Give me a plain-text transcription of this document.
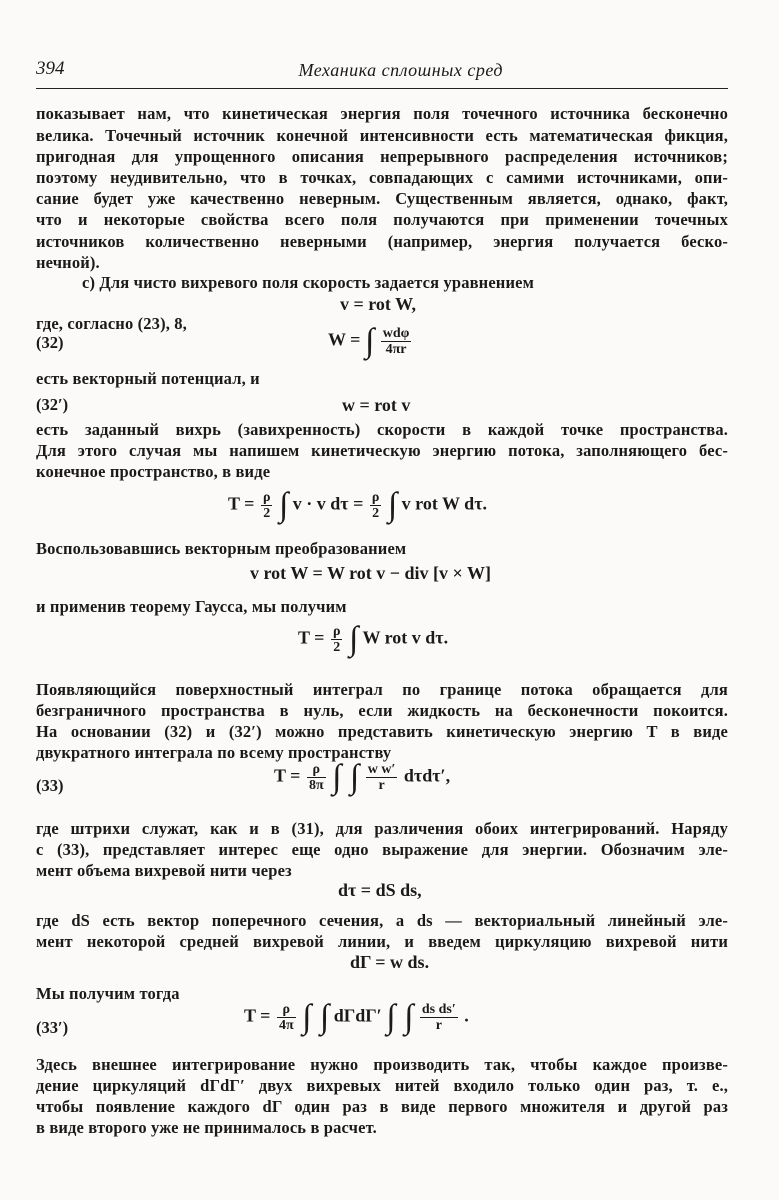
394	Механика сплошных сред
показывает нам, что кинетическая энергия поля точечного источника бесконечно
велика. Точечный источник конечной интенсивности есть математическая фикция,
пригодная для упрощенного описания непрерывного распределения источников;
поэтому неудивительно, что в точках, совпадающих с самими источниками, опи-
сание будет уже качественно неверным. Существенным является, однако, факт,
что и некоторые свойства всего поля получаются при применении точечных
источников количественно неверными (например, энергия получается беско-
нечной).
с) Для чисто вихревого поля скорость задается уравнением
v = rot W,
где, согласно (23), 8,
(32)	W = ∫ $\frac{\text{wdφ}}{4\pi r}$
есть векторный потенциал, и
(32′)	w = rot v
есть заданный вихрь (завихренность) скорости в каждой точке пространства.
Для этого случая мы напишем кинетическую энергию потока, заполняющего бес-
конечное пространство, в виде
$T = \frac{\rho}{2}$ ∫ v · v $d\tau = \frac{\rho}{2}$ ∫ v rot W dτ.
Воспользовавшись векторным преобразованием
v rot W = W rot v − div [v × W]
и применив теорему Гаусса, мы получим
$T = \frac{\rho}{2}$ ∫ W rot v dτ.
Появляющийся поверхностный интеграл по границе потока обращается для
безграничного пространства в нуль, если жидкость на бесконечности покоится.
На основании (32) и (32′) можно представить кинетическую энергию T в виде
двукратного интеграла по всему пространству
(33)	$T = \frac{\rho}{8\pi}$ ∫ ∫ $\frac{\text{w w′}}{r} d\tau d\tau'$,
где штрихи служат, как и в (31), для различения обоих интегрирований. Наряду
с (33), представляет интерес еще одно выражение для энергии. Обозначим эле-
мент объема вихревой нити через
dτ = dS ds,
где dS есть вектор поперечного сечения, а ds — векториальный линейный эле-
мент некоторой средней вихревой линии, и введем циркуляцию вихревой нити
dΓ = w ds.
Мы получим тогда
(33′)
$T = \frac{\rho}{4\pi}$ ∫ ∫ dΓdΓ′ ∫ ∫ $\frac{\text{ds ds′}}{r}$ .
Здесь внешнее интегрирование нужно производить так, чтобы каждое произве-
дение циркуляций dΓdΓ′ двух вихревых нитей входило только один раз, т. е.,
чтобы появление каждого dΓ один раз в виде первого множителя и другой раз
в виде второго уже не принималось в расчет.
